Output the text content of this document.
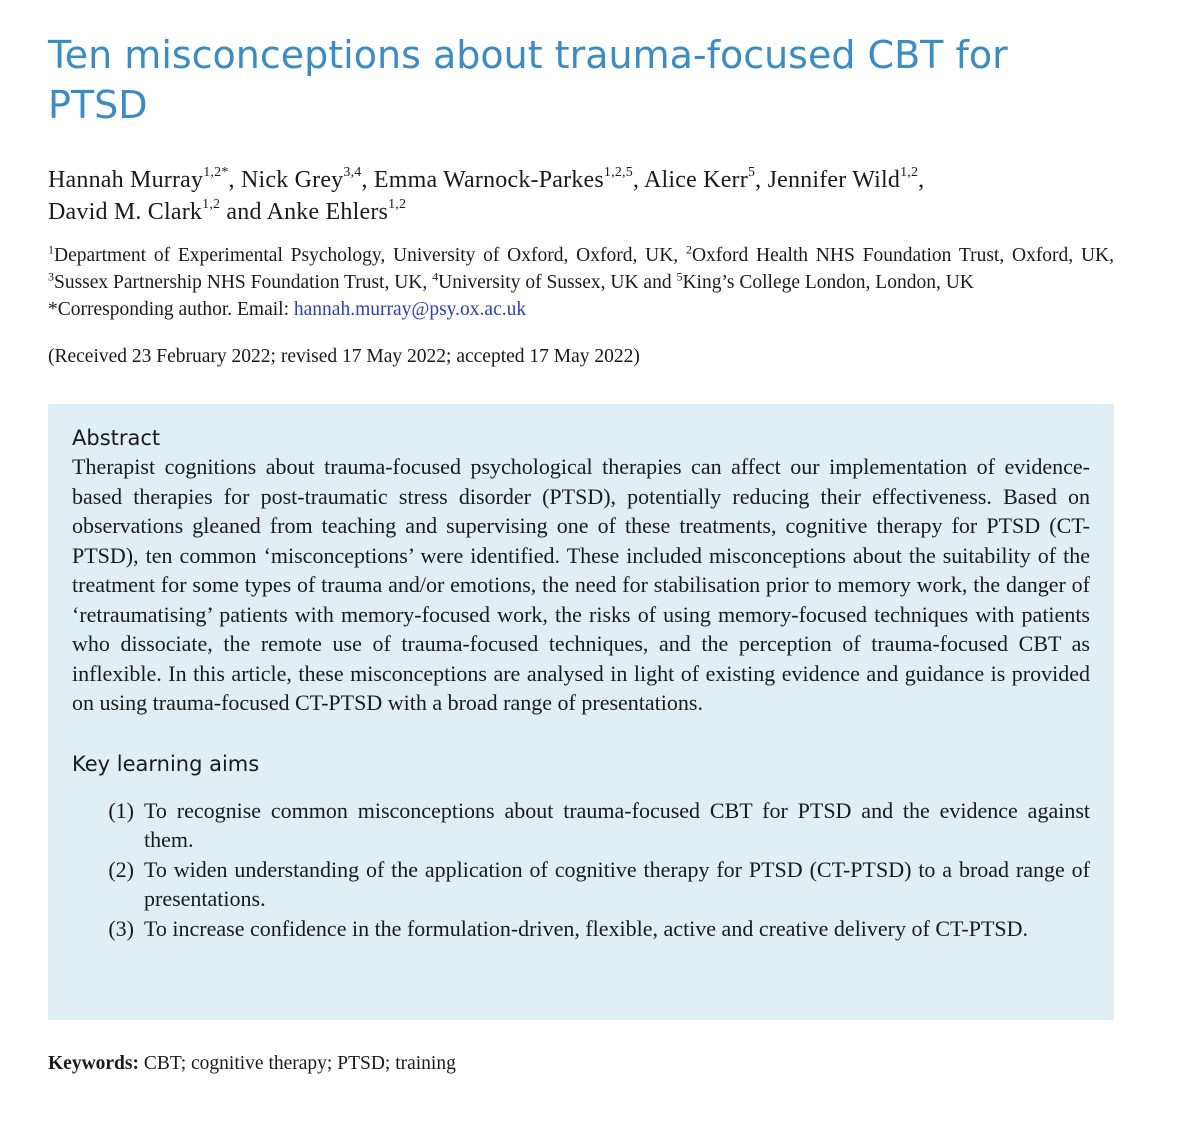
Ten misconceptions about trauma-focused CBT for PTSD
Hannah Murray$^{1,2*}$, Nick Grey$^{3,4}$, Emma Warnock-Parkes$^{1,2,5}$, Alice Kerr$^5$, Jennifer Wild$^{1,2}$,
David M. Clark$^{1,2}$ and Anke Ehlers$^{1,2}$
$^1$Department of Experimental Psychology, University of Oxford, Oxford, UK, $^2$Oxford Health NHS Foundation Trust, Oxford, UK, $^3$Sussex Partnership NHS Foundation Trust, UK, $^4$University of Sussex, UK and $^5$King’s College London, London, UK
*Corresponding author. Email: hannah.murray@psy.ox.ac.uk
(Received 23 February 2022; revised 17 May 2022; accepted 17 May 2022)
Abstract

Therapist cognitions about trauma-focused psychological therapies can affect our implementation of evidence-based therapies for post-traumatic stress disorder (PTSD), potentially reducing their effectiveness. Based on observations gleaned from teaching and supervising one of these treatments, cognitive therapy for PTSD (CT-PTSD), ten common ‘misconceptions’ were identified. These included misconceptions about the suitability of the treatment for some types of trauma and/or emotions, the need for stabilisation prior to memory work, the danger of ‘retraumatising’ patients with memory-focused work, the risks of using memory-focused techniques with patients who dissociate, the remote use of trauma-focused techniques, and the perception of trauma-focused CBT as inflexible. In this article, these misconceptions are analysed in light of existing evidence and guidance is provided on using trauma-focused CT-PTSD with a broad range of presentations.

Key learning aims
(1) To recognise common misconceptions about trauma-focused CBT for PTSD and the evidence against them.
(2) To widen understanding of the application of cognitive therapy for PTSD (CT-PTSD) to a broad range of presentations.
(3) To increase confidence in the formulation-driven, flexible, active and creative delivery of CT-PTSD.
Keywords: CBT; cognitive therapy; PTSD; training
